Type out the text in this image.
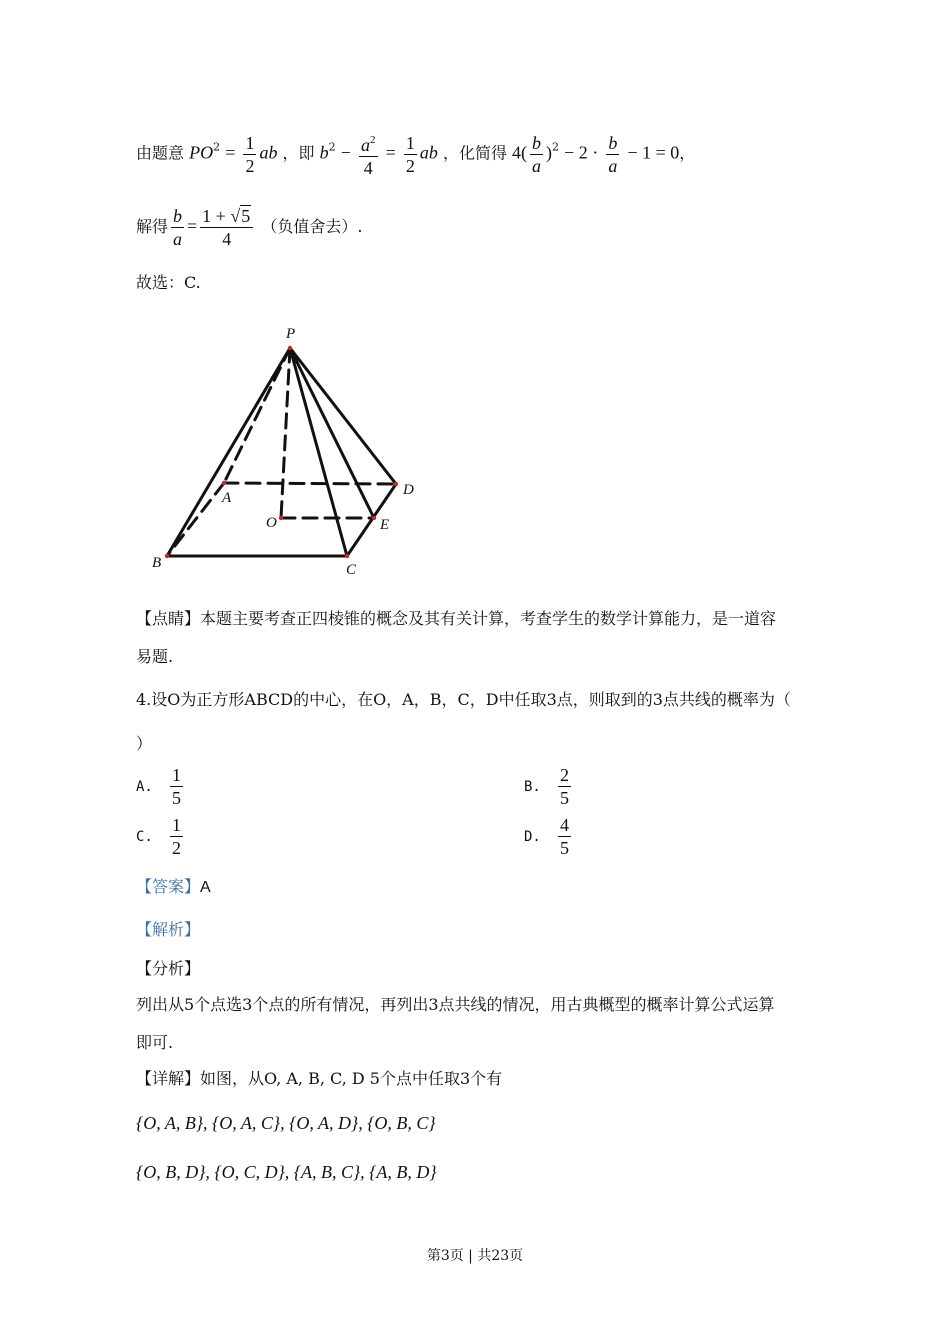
由题意 $PO^2 = \frac{1}{2}$ ab ，即 $b^2 - \frac{a^2}{4} = \frac{1}{2}$ ab ，化简得 $4( \frac{b}{a} )^2 - 2 \cdot \frac{b}{a} - 1 = 0$，
解得 $\frac{b}{a} = \frac{1 + √5}{4}$ （负值舍去）.
故选：C.
P
A	D
O	E
B	C
【点睛】本题主要考查正四棱锥的概念及其有关计算，考查学生的数学计算能力，是一道容
易题.
4.设O为正方形ABCD的中心，在O，A，B，C，D中任取3点，则取到的3点共线的概率为（
）
A. $\frac{1}{5}$	B. $\frac{2}{5}$
C. $\frac{1}{2}$	D. $\frac{4}{5}$
【答案】A
【解析】
【分析】
列出从5个点选3个点的所有情况，再列出3点共线的情况，用古典概型的概率计算公式运算
即可.
【详解】如图，从O, A, B, C, D 5个点中任取3个有
{O, A, B}, {O, A, C}, {O, A, D}, {O, B, C}
{O, B, D}, {O, C, D}, {A, B, C}, {A, B, D}
第3页 | 共23页
